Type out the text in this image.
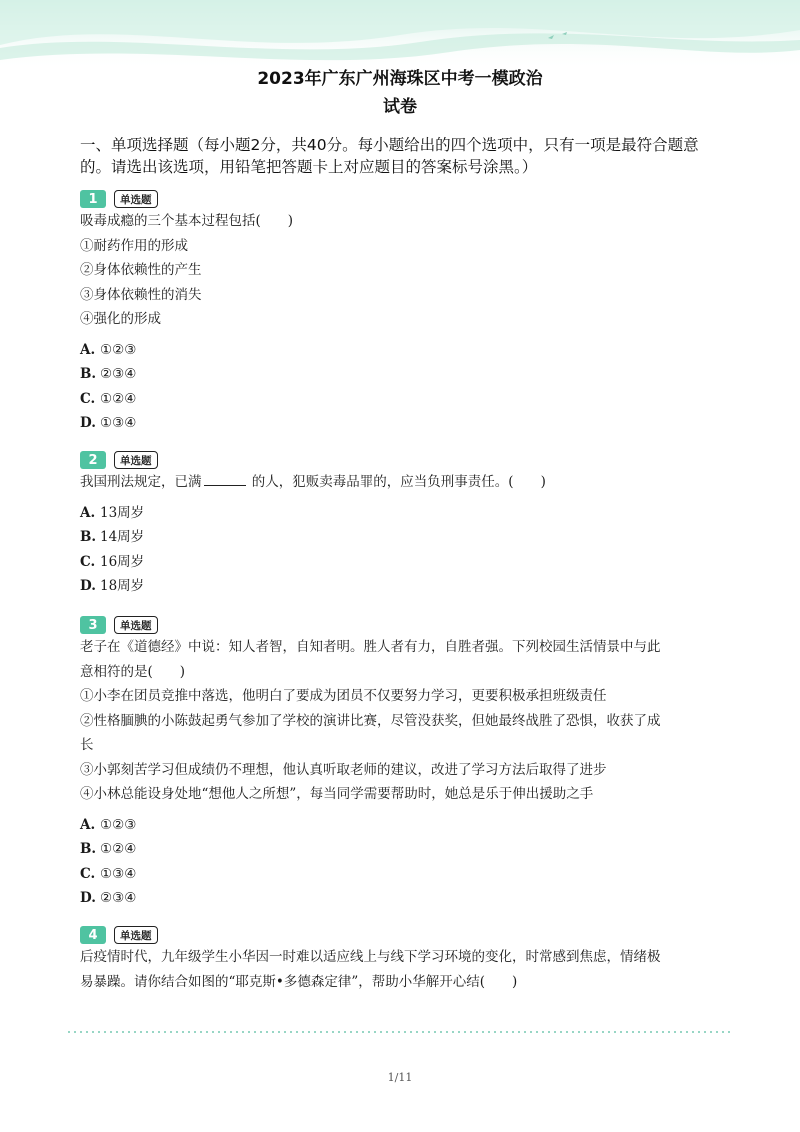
2023年广东广州海珠区中考一模政治
试卷
一、单项选择题（每小题2分，共40分。每小题给出的四个选项中，只有一项是最符合题意的。请选出该选项，用铅笔把答题卡上对应题目的答案标号涂黑。）
1	单选题
吸毒成瘾的三个基本过程包括(　　)
①耐药作用的形成
②身体依赖性的产生
③身体依赖性的消失
④强化的形成
A. ①②③
B. ②③④
C. ①②④
D. ①③④
2	单选题
我国刑法规定，已满	的人，犯贩卖毒品罪的，应当负刑事责任。(　　)
A. 13周岁
B. 14周岁
C. 16周岁
D. 18周岁
3	单选题
老子在《道德经》中说：知人者智，自知者明。胜人者有力，自胜者强。下列校园生活情景中与此
意相符的是(　　)
①小李在团员竞推中落选，他明白了要成为团员不仅要努力学习，更要积极承担班级责任
②性格腼腆的小陈鼓起勇气参加了学校的演讲比赛，尽管没获奖，但她最终战胜了恐惧，收获了成
长
③小郭刻苦学习但成绩仍不理想，他认真听取老师的建议，改进了学习方法后取得了进步
④小林总能设身处地“想他人之所想”，每当同学需要帮助时，她总是乐于伸出援助之手
A. ①②③
B. ①②④
C. ①③④
D. ②③④
4	单选题
后疫情时代，九年级学生小华因一时难以适应线上与线下学习环境的变化，时常感到焦虑，情绪极
易暴躁。请你结合如图的“耶克斯•多德森定律”，帮助小华解开心结(　　)
1/11
